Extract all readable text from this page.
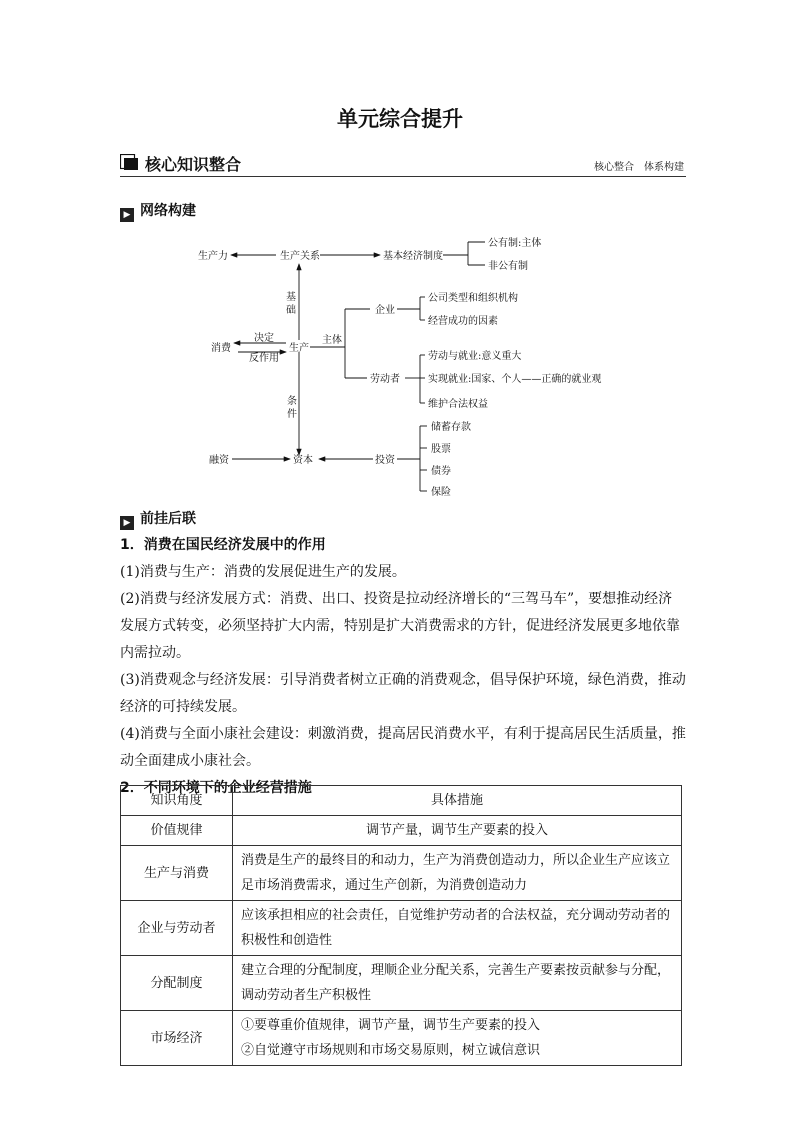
单元综合提升
核心知识整合	核心整合　体系构建
▶ 网络构建
生产力	生产关系	基本经济制度
公有制:主体
非公有制
基
础	企业
公司类型和组织机构
经营成功的因素
消费
决定
反作用
生产
主体
劳动者
劳动与就业:意义重大
实现就业:国家、个人——正确的就业观
维护合法权益
条
件
融资	资本	投资
储蓄存款
股票
债券
保险
▶ 前挂后联

1．消费在国民经济发展中的作用

(1)消费与生产：消费的发展促进生产的发展。

(2)消费与经济发展方式：消费、出口、投资是拉动经济增长的“三驾马车”，要想推动经济发展方式转变，必须坚持扩大内需，特别是扩大消费需求的方针，促进经济发展更多地依靠内需拉动。

(3)消费观念与经济发展：引导消费者树立正确的消费观念，倡导保护环境，绿色消费，推动经济的可持续发展。

(4)消费与全面小康社会建设：刺激消费，提高居民消费水平，有利于提高居民生活质量，推动全面建成小康社会。

2．不同环境下的企业经营措施

知识角度	具体措施
价值规律	调节产量，调节生产要素的投入
生产与消费	消费是生产的最终目的和动力，生产为消费创造动力，所以企业生产应该立足市场消费需求，通过生产创新，为消费创造动力
企业与劳动者	应该承担相应的社会责任，自觉维护劳动者的合法权益，充分调动劳动者的积极性和创造性
分配制度	建立合理的分配制度，理顺企业分配关系，完善生产要素按贡献参与分配，调动劳动者生产积极性
市场经济	①要尊重价值规律，调节产量，调节生产要素的投入
②自觉遵守市场规则和市场交易原则，树立诚信意识
